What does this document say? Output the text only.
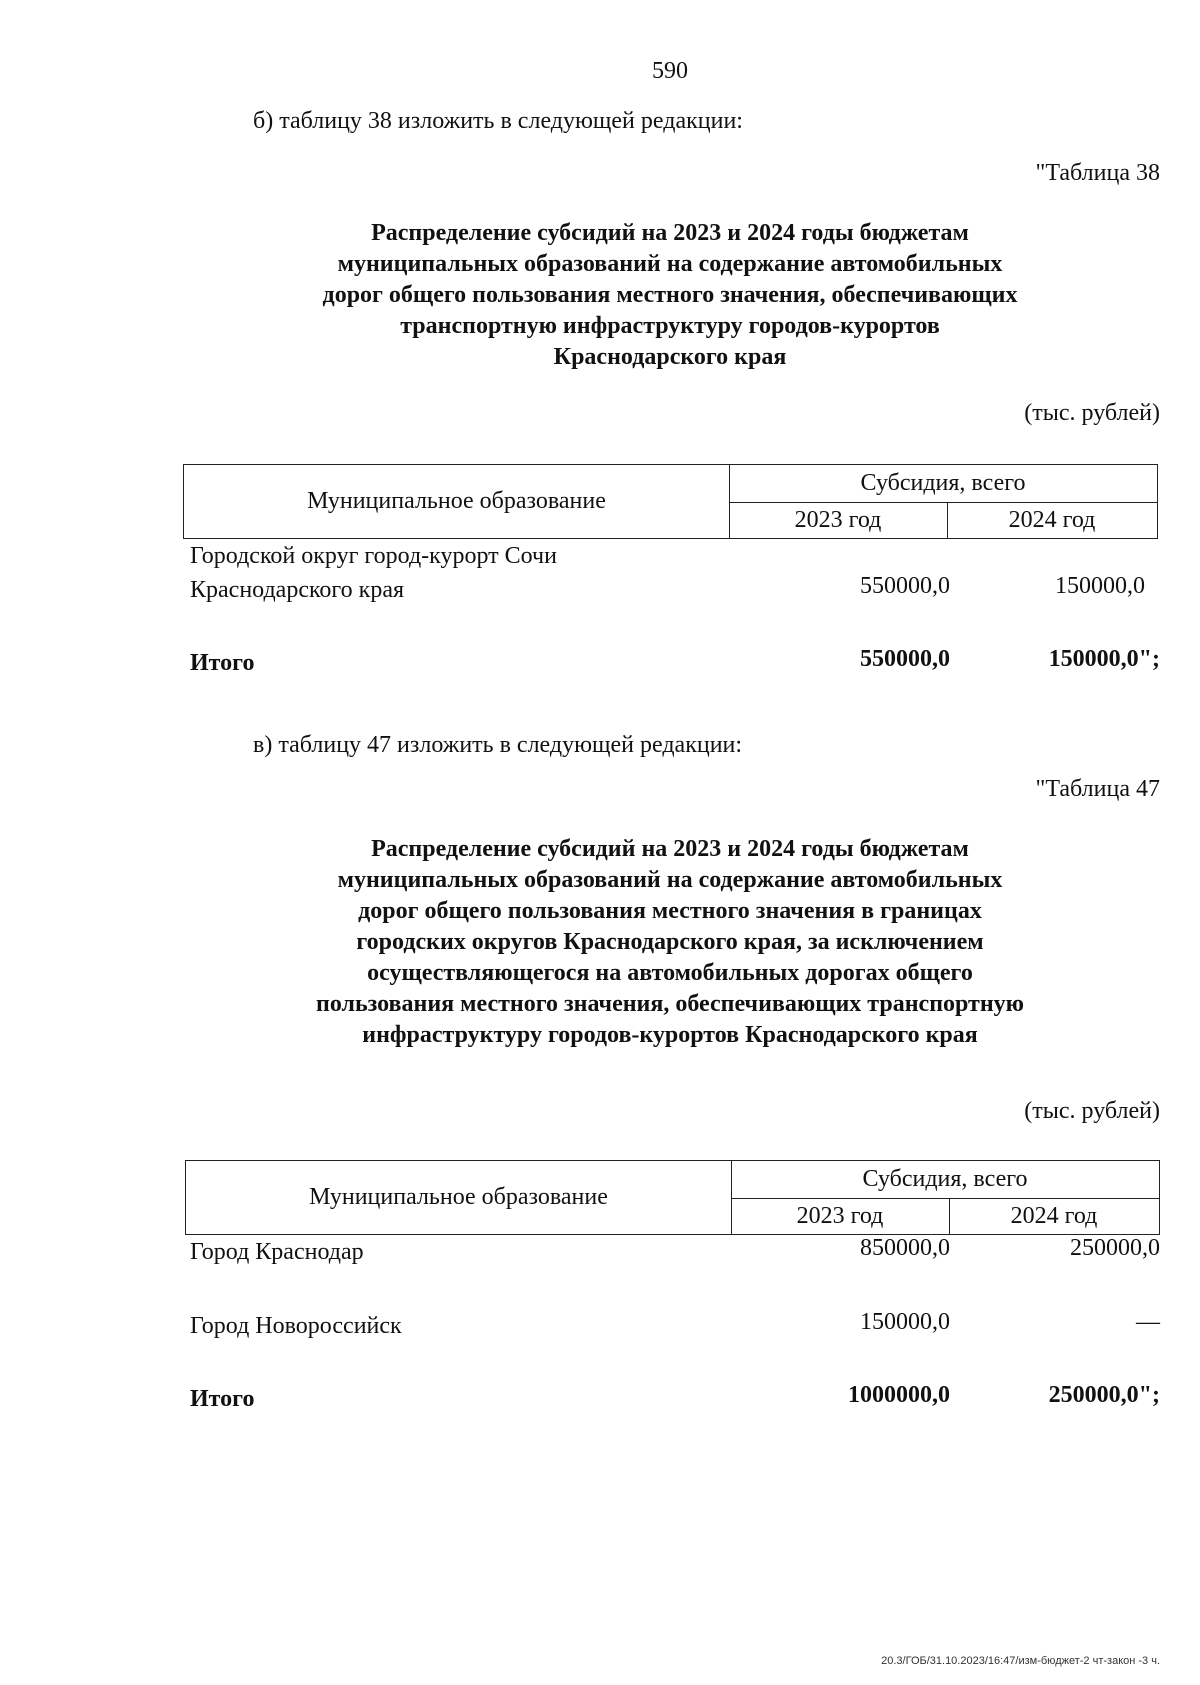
590
б) таблицу 38 изложить в следующей редакции:
"Таблица 38
Распределение субсидий на 2023 и 2024 годы бюджетам
муниципальных образований на содержание автомобильных
дорог общего пользования местного значения, обеспечивающих
транспортную инфраструктуру городов-курортов
Краснодарского края
(тыс. рублей)
Муниципальное образование
Субсидия, всего
2023 год	2024 год
Городской округ город-курорт Сочи
Краснодарского края	550000,0	150000,0
Итого	550000,0	150000,0";
в) таблицу 47 изложить в следующей редакции:
"Таблица 47
Распределение субсидий на 2023 и 2024 годы бюджетам
муниципальных образований на содержание автомобильных
дорог общего пользования местного значения в границах
городских округов Краснодарского края, за исключением
осуществляющегося на автомобильных дорогах общего
пользования местного значения, обеспечивающих транспортную
инфраструктуру городов-курортов Краснодарского края
(тыс. рублей)
Муниципальное образование
Субсидия, всего
2023 год	2024 год
Город Краснодар	850000,0	250000,0
Город Новороссийск	150000,0	—
Итого	1000000,0	250000,0";
20.3/ГОБ/31.10.2023/16:47/изм-бюджет-2 чт-закон -3 ч.
